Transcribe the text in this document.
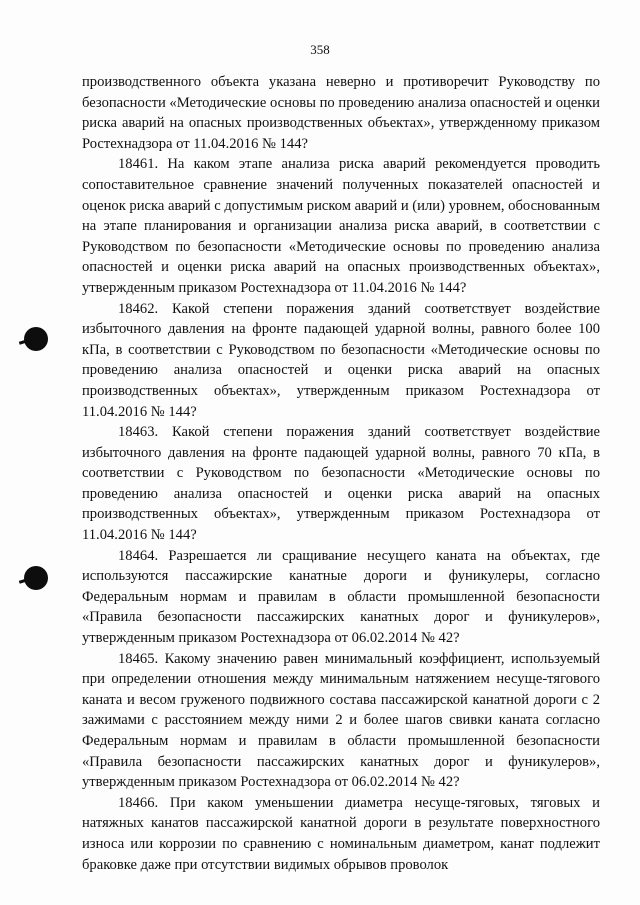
358

производственного объекта указана неверно и противоречит Руководству по безопасности «Методические основы по проведению анализа опасностей и оценки риска аварий на опасных производственных объектах», утвержденному приказом Ростехнадзора от 11.04.2016 № 144?

18461. На каком этапе анализа риска аварий рекомендуется проводить сопоставительное сравнение значений полученных показателей опасностей и оценок риска аварий с допустимым риском аварий и (или) уровнем, обоснованным на этапе планирования и организации анализа риска аварий, в соответствии с Руководством по безопасности «Методические основы по проведению анализа опасностей и оценки риска аварий на опасных производственных объектах», утвержденным приказом Ростехнадзора от 11.04.2016 № 144?

18462. Какой степени поражения зданий соответствует воздействие избыточного давления на фронте падающей ударной волны, равного более 100 кПа, в соответствии с Руководством по безопасности «Методические основы по проведению анализа опасностей и оценки риска аварий на опасных производственных объектах», утвержденным приказом Ростехнадзора от 11.04.2016 № 144?

18463. Какой степени поражения зданий соответствует воздействие избыточного давления на фронте падающей ударной волны, равного 70 кПа, в соответствии с Руководством по безопасности «Методические основы по проведению анализа опасностей и оценки риска аварий на опасных производственных объектах», утвержденным приказом Ростехнадзора от 11.04.2016 № 144?

18464. Разрешается ли сращивание несущего каната на объектах, где используются пассажирские канатные дороги и фуникулеры, согласно Федеральным нормам и правилам в области промышленной безопасности «Правила безопасности пассажирских канатных дорог и фуникулеров», утвержденным приказом Ростехнадзора от 06.02.2014 № 42?

18465. Какому значению равен минимальный коэффициент, используемый при определении отношения между минимальным натяжением несуще-тягового каната и весом груженого подвижного состава пассажирской канатной дороги с 2 зажимами с расстоянием между ними 2 и более шагов свивки каната согласно Федеральным нормам и правилам в области промышленной безопасности «Правила безопасности пассажирских канатных дорог и фуникулеров», утвержденным приказом Ростехнадзора от 06.02.2014 № 42?

18466. При каком уменьшении диаметра несуще-тяговых, тяговых и натяжных канатов пассажирской канатной дороги в результате поверхностного износа или коррозии по сравнению с номинальным диаметром, канат подлежит браковке даже при отсутствии видимых обрывов проволок
